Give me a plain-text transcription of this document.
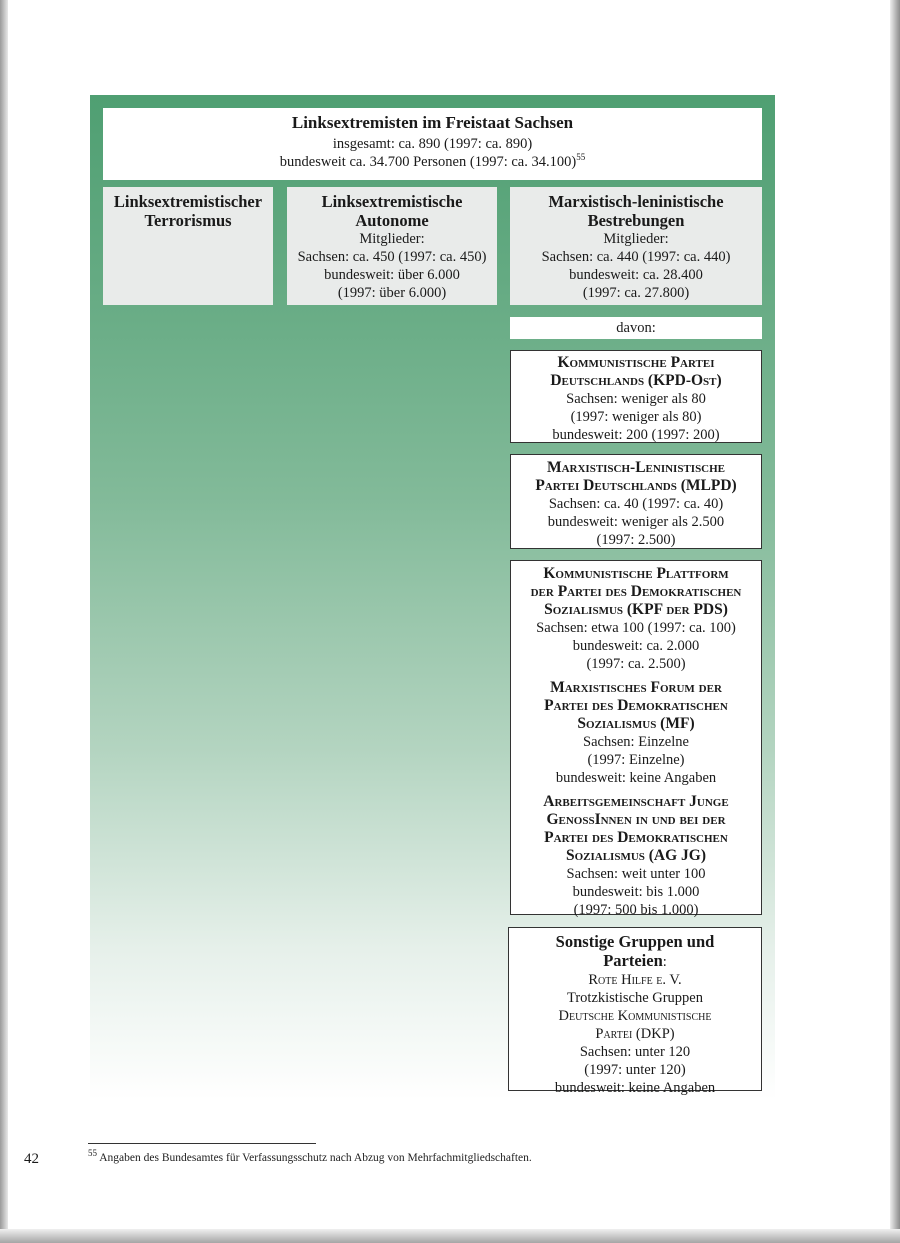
Linksextremisten im Freistaat Sachsen
insgesamt: ca. 890 (1997: ca. 890)
bundesweit ca. 34.700 Personen (1997: ca. 34.100)$^{55}$
Linksextremistischer
Terrorismus
Linksextremistische
Autonome
Mitglieder:
Sachsen: ca. 450 (1997: ca. 450)
bundesweit: über 6.000
(1997: über 6.000)
Marxistisch-leninistische
Bestrebungen
Mitglieder:
Sachsen: ca. 440 (1997: ca. 440)
bundesweit: ca. 28.400
(1997: ca. 27.800)
davon:
Kommunistische Partei
Deutschlands (KPD-Ost)
Sachsen: weniger als 80
(1997: weniger als 80)
bundesweit: 200 (1997: 200)
Marxistisch-Leninistische
Partei Deutschlands (MLPD)
Sachsen: ca. 40 (1997: ca. 40)
bundesweit: weniger als 2.500
(1997: 2.500)
Kommunistische Plattform
der Partei des Demokratischen
Sozialismus (KPF der PDS)
Sachsen: etwa 100 (1997: ca. 100)
bundesweit: ca. 2.000
(1997: ca. 2.500)
Marxistisches Forum der
Partei des Demokratischen
Sozialismus (MF)
Sachsen: Einzelne
(1997: Einzelne)
bundesweit: keine Angaben
Arbeitsgemeinschaft Junge
GenossInnen in und bei der
Partei des Demokratischen
Sozialismus (AG JG)
Sachsen: weit unter 100
bundesweit: bis 1.000
(1997: 500 bis 1.000)
Sonstige Gruppen und
Parteien:
Rote Hilfe e. V.
Trotzkistische Gruppen
Deutsche Kommunistische
Partei (DKP)
Sachsen: unter 120
(1997: unter 120)
bundesweit: keine Angaben
42	$^{55}$ Angaben des Bundesamtes für Verfassungsschutz nach Abzug von Mehrfachmitgliedschaften.
